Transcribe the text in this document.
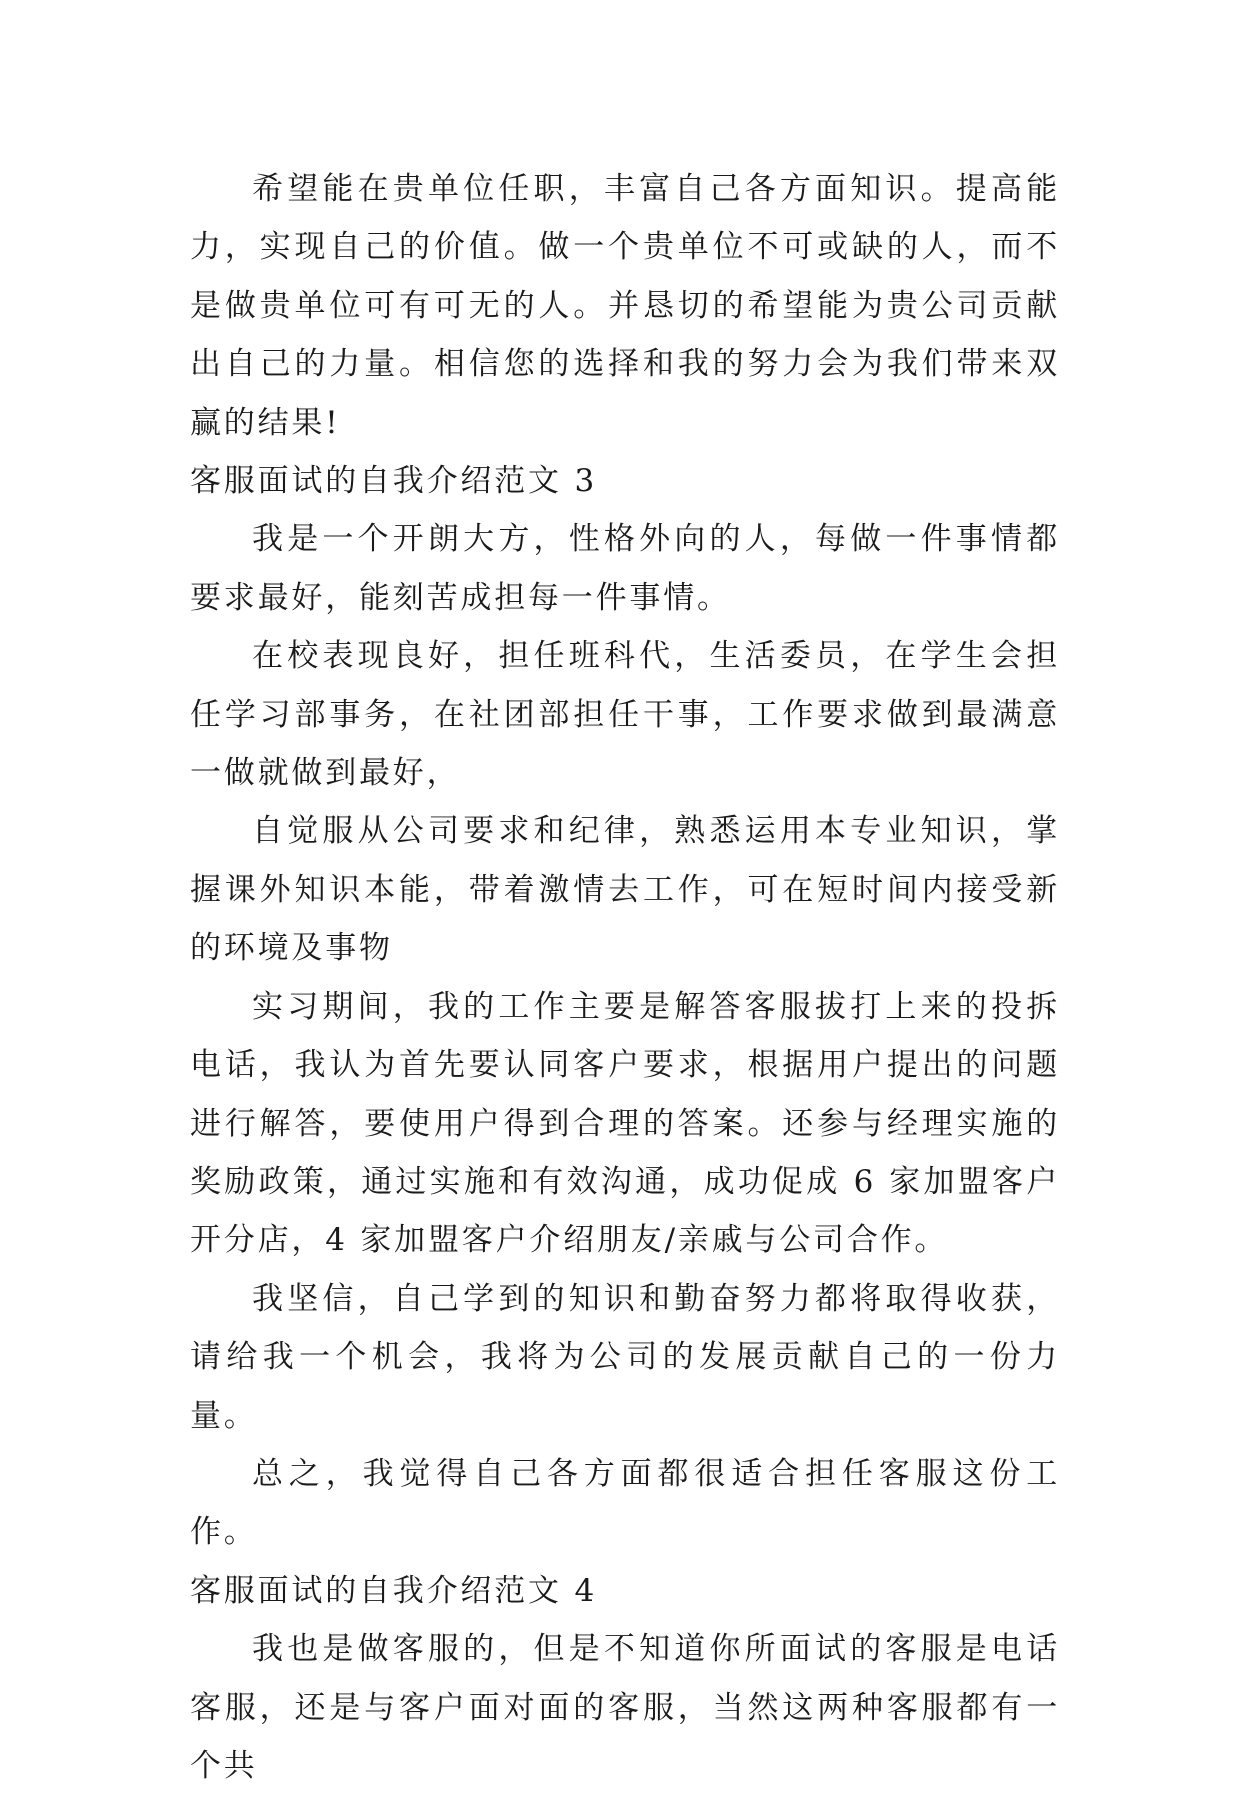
希望能在贵单位任职，丰富自己各方面知识。提高能力，实现自己的价值。做一个贵单位不可或缺的人，而不是做贵单位可有可无的人。并恳切的希望能为贵公司贡献出自己的力量。相信您的选择和我的努力会为我们带来双赢的结果!

客服面试的自我介绍范文 3

我是一个开朗大方，性格外向的人，每做一件事情都要求最好，能刻苦成担每一件事情。

在校表现良好，担任班科代，生活委员，在学生会担任学习部事务，在社团部担任干事，工作要求做到最满意一做就做到最好，

自觉服从公司要求和纪律，熟悉运用本专业知识，掌握课外知识本能，带着激情去工作，可在短时间内接受新的环境及事物

实习期间，我的工作主要是解答客服拔打上来的投拆电话，我认为首先要认同客户要求，根据用户提出的问题进行解答，要使用户得到合理的答案。还参与经理实施的奖励政策，通过实施和有效沟通，成功促成 6 家加盟客户开分店，4 家加盟客户介绍朋友/亲戚与公司合作。

我坚信，自己学到的知识和勤奋努力都将取得收获，请给我一个机会，我将为公司的发展贡献自己的一份力量。

总之，我觉得自己各方面都很适合担任客服这份工作。

客服面试的自我介绍范文 4

我也是做客服的，但是不知道你所面试的客服是电话客服，还是与客户面对面的客服，当然这两种客服都有一个共
